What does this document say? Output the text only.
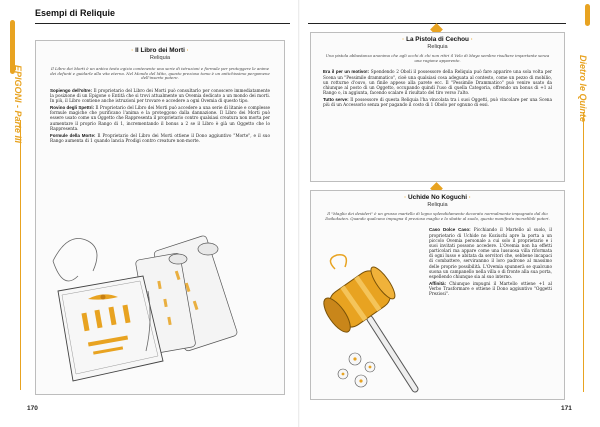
Esempi di Reliquie
EPIGONI - Parte III
170
· Il Libro dei Morti ·
Reliquia
Il Libro dei Morti è un antico testo egizio contenente una serie di istruzioni e formule per proteggere le anime dei defunti e guidarle alla vita eterna. Nel Mondo del Mito, questo prezioso tomo è un antichissimo pergamene dell'inserto potere.

Sopiengo dell'oltre: Il proprietario del Libro dei Morti può consultarlo per conoscere immediatamente la posizione di un Epigone o Entità che si trovi attualmente un Ovemia dedicato a un mondo dei morti. In più, il Libro contiene anche istruzioni per trovare e accedere a ogni Ovemia di questo tipo.

Rovino degli Spettri: Il Proprietario del Libro dei Morti può accedere a una serie di litanie e complesse formule magiche che purificano l'anima e la proteggono dalla dannazione. Il Libro dei Morti può essere usato come un Oggetto che Rappresenta il proprietario contro qualsiasi creatura non morta per aumentare il proprio Rango di 1, incrementando il bonus a 2 se il Libro è già un Oggetto che lo Rappresenta.

Formule della Morte: Il Proprietario del Libro dei Morti ottiene il Dono aggiuntivo "Morte", e il suo Rango aumenta di 1 quando lancia Prodigi contro creature non-morte.

Dietro le Quinte
171
· La Pistola di Cechou ·
Reliquia
Una pistola abbastanza anonima che agli occhi di chi non ritiri il Velo di Maya sembra risultare importante senza una ragione apparente.

Era il per un motivo!: Spendendo 2 Oboli il possessore della Reliquia può fare apparire una sola volta per Scena un "Pessimile drammatico", cioè una qualsiasi cosa adeguata al contesto, come un pezzo di mobilio, un rotturne d'ouvo, un finile appeso alla parete ecc. Il "Pessimile Drammatico" può venire usato da chiunque al posto di un Oggetto, occupando quindi l'uso di quella Categoria, offrendo un bonus di +1 al Rango o, in aggiunta, facendo scalare il risultato del tiro verso l'alto.

Tutto serve: Il possessore di questa Reliquia l'ha vincolata tra i suoi Oggetti, può vincolare per una Scena più di un Accessorio senza per pagando il costo di 1 Obolo per ognuno di essi.

· Uchide No Koguchi ·
Reliquia
Il "Maglio dei desideri" è un grosso martello di legno splendidamente decorato normalmente impugnato dal dio Daikokuten. Quando qualcuno impugna il prezioso maglio e lo sbatte al suolo, questo manifesta incredibili poteri.

Caso Dolce Caso: Picchiando il Martello al suolo, il proprietario di Uchide no Koziuchi apre la porta a un piccolo Ovemia personale a cui solo il proprietario e i suoi invitati possono accedere. L'Ovemia non ha effetti particolari ma appare come una lussuosa villa riformata di ogni lusso e abitata da servitori che, sebbene incapaci di combattere, servirannno il loro padrone al massimo delle proprie possibilità. L'Ovemia spunnerà se qualcuno suona un campanello nella villa o di fronte alla sua porta, espellendo chiunque sia al suo interno.

Affinità: Chiunque impugni il Martello ottiene +1 al Verbo Trasformare e ottiene il Dono aggiuntivo "Oggetti Preziosi".
